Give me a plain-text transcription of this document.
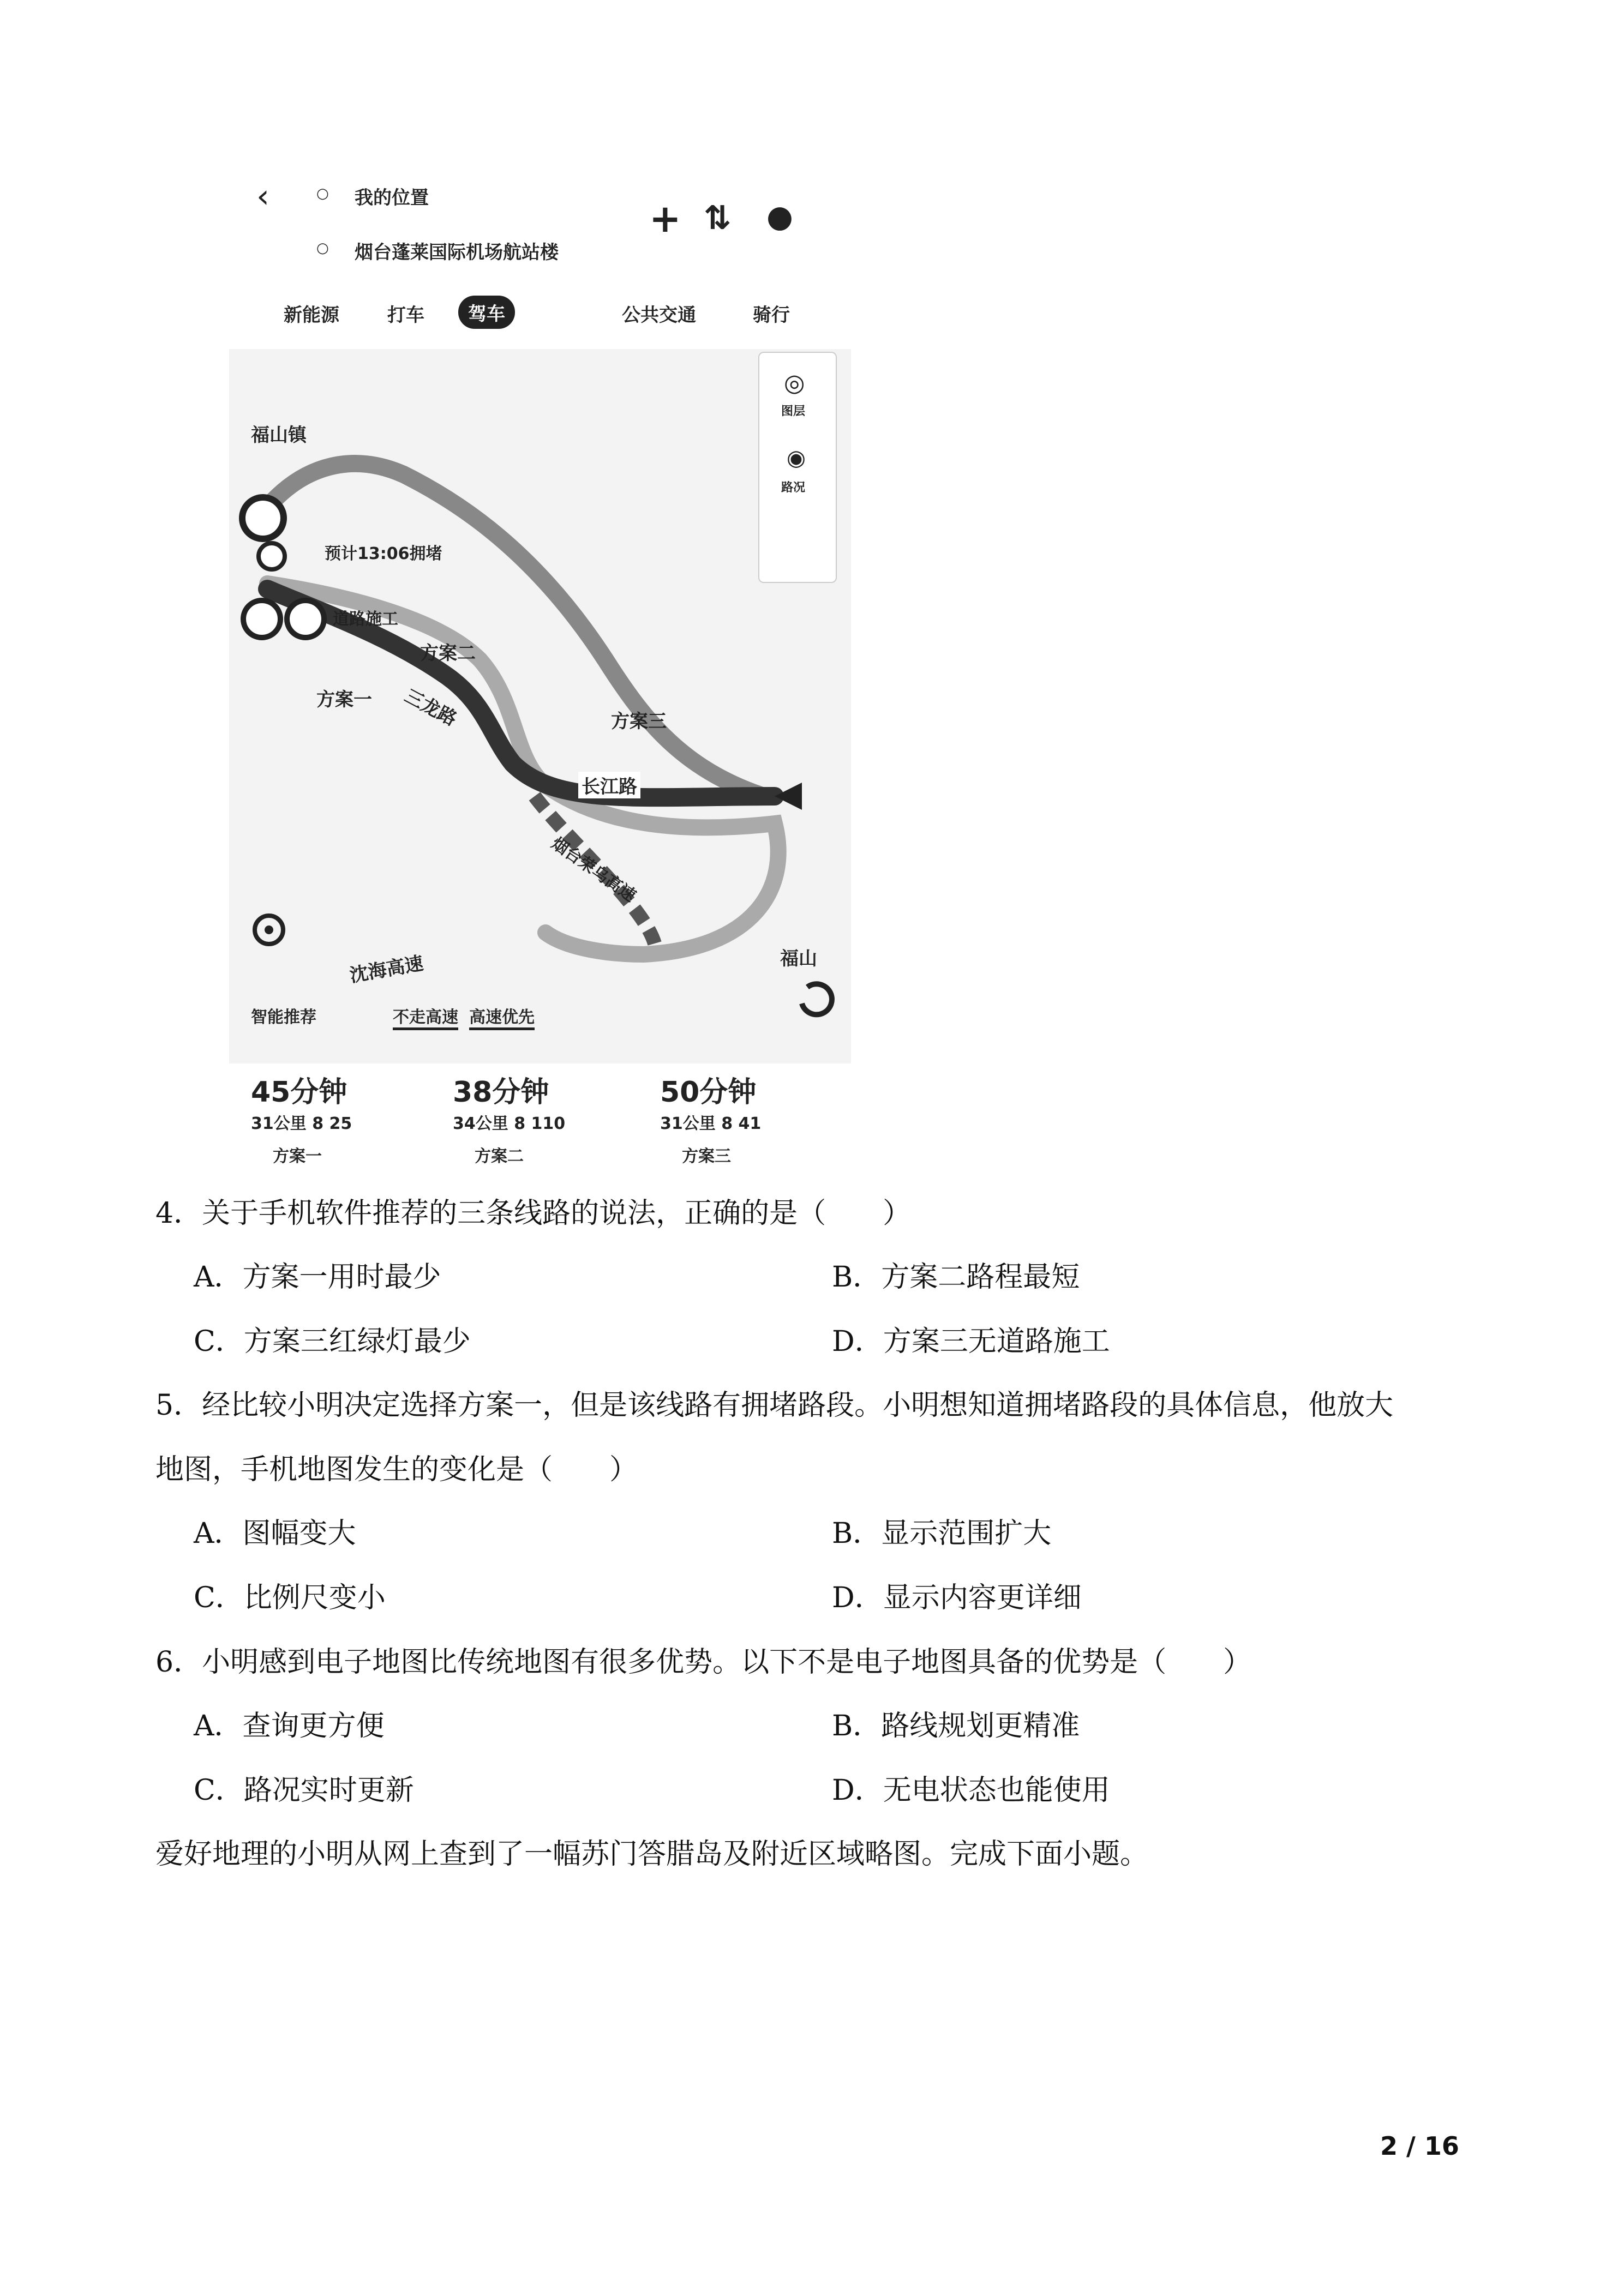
‹	○ 我的位置
○ 烟台蓬莱国际机场航站楼
+ ⇅ ●
新能源	打车	驾车	公共交通	骑行
福山镇
预计13:06拥堵
道路施工
方案二
方案一
方案三
三龙路
长江路
烟台荣乌高速
沈海高速	福山
智能推荐	不走高速 高速优先
◎
图层
◉
路况
45分钟
31公里 8 25
方案一
38分钟
34公里 8 110
方案二
50分钟
31公里 8 41
方案三
4．关于手机软件推荐的三条线路的说法，正确的是（　　）
A．方案一用时最少	B．方案二路程最短
C．方案三红绿灯最少	D．方案三无道路施工
5．经比较小明决定选择方案一，但是该线路有拥堵路段。小明想知道拥堵路段的具体信息，他放大
地图，手机地图发生的变化是（　　）
A．图幅变大	B．显示范围扩大
C．比例尺变小	D．显示内容更详细
6．小明感到电子地图比传统地图有很多优势。以下不是电子地图具备的优势是（　　）
A．查询更方便	B．路线规划更精准
C．路况实时更新	D．无电状态也能使用
爱好地理的小明从网上查到了一幅苏门答腊岛及附近区域略图。完成下面小题。
2 / 16
